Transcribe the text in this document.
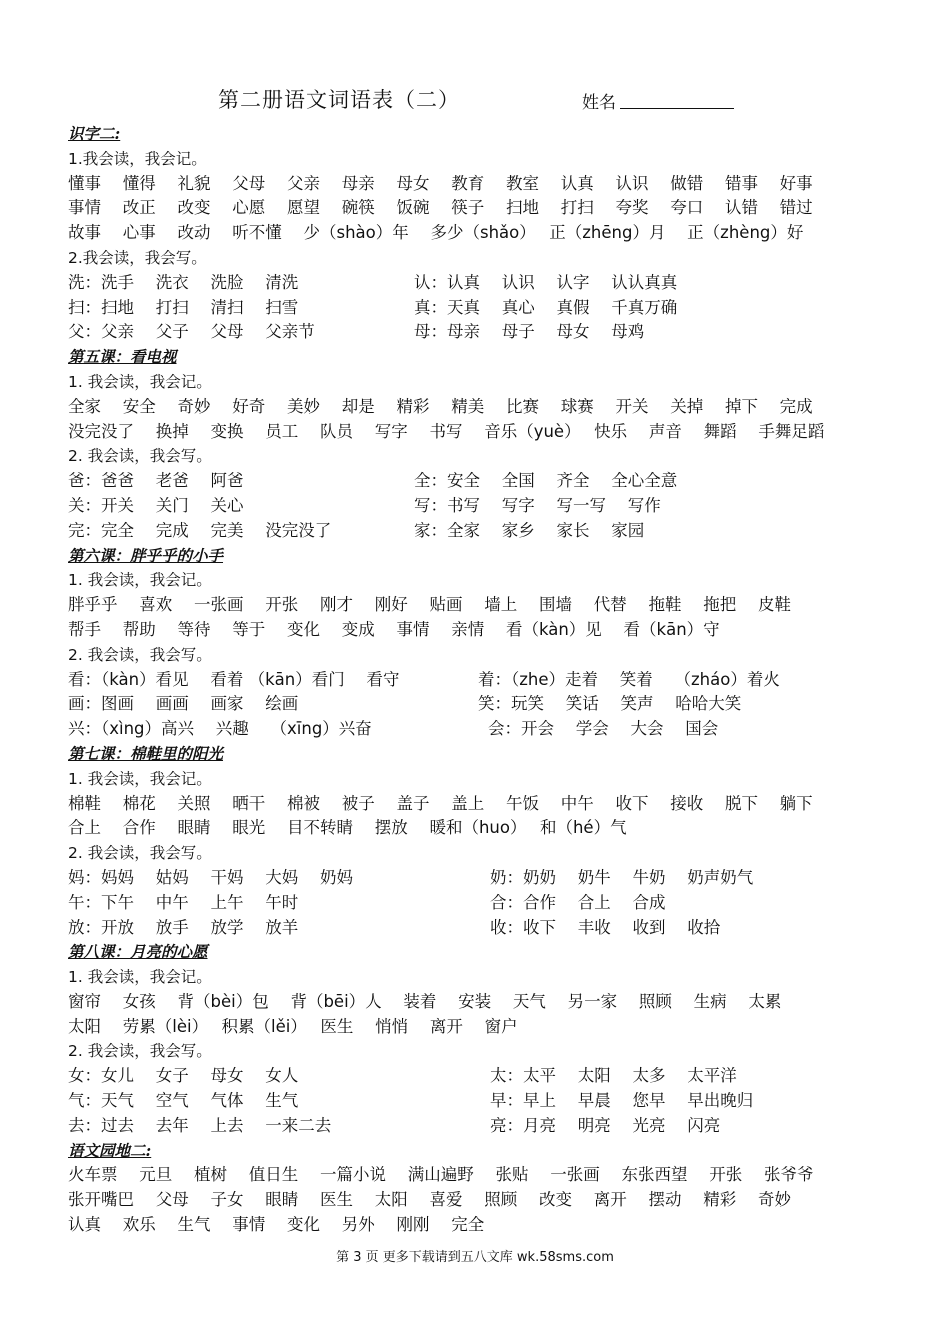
第二册语文词语表（二）	姓名
识字二:
1.我会读，我会记。
懂事　 懂得　 礼貌　 父母　 父亲　 母亲　 母女　 教育　 教室　 认真　 认识　 做错　 错事　 好事
事情　 改正　 改变　 心愿　 愿望　 碗筷　 饭碗　 筷子　 扫地　 打扫　 夸奖　 夸口　 认错　 错过
故事　 心事　 改动　 听不懂　 少（shào）年　 多少（shǎo）　 正（zhēng）月　 正（zhèng）好
2.我会读，我会写。
洗：洗手　 洗衣　 洗脸　 清洗	认：认真　 认识　 认字　 认认真真
扫：扫地　 打扫　 清扫　 扫雪	真：天真　 真心　 真假　 千真万确
父：父亲　 父子　 父母　 父亲节	母：母亲　 母子　 母女　 母鸡
第五课：看电视
1. 我会读，我会记。
全家　 安全　 奇妙　 好奇　 美妙　 却是　 精彩　 精美　 比赛　 球赛　 开关　 关掉　 掉下　 完成
没完没了　 换掉　 变换　 员工　 队员　 写字　 书写　 音乐（yuè）　 快乐　 声音　 舞蹈　 手舞足蹈
2. 我会读，我会写。
爸：爸爸　 老爸　 阿爸	全：安全　 全国　 齐全　 全心全意
关：开关　 关门　 关心	写：书写　 写字　 写一写　 写作
完：完全　 完成　 完美　 没完没了	家：全家　 家乡　 家长　 家园
第六课：胖乎乎的小手
1. 我会读，我会记。
胖乎乎　 喜欢　 一张画　 开张　 刚才　 刚好　 贴画　 墙上　 围墙　 代替　 拖鞋　 拖把　 皮鞋
帮手　 帮助　 等待　 等于　 变化　 变成　 事情　 亲情　 看（kàn）见　 看（kān）守
2. 我会读，我会写。
看：（kàn）看见　 看着 （kān）看门　 看守	着：（zhe）走着　 笑着　 （zháo）着火
画：图画　 画画　 画家　 绘画	笑：玩笑　 笑话　 笑声　 哈哈大笑
兴：（xìng）高兴　 兴趣　 （xīng）兴奋	会：开会　 学会　 大会　 国会
第七课：棉鞋里的阳光
1. 我会读，我会记。
棉鞋　 棉花　 关照　 晒干　 棉被　 被子　 盖子　 盖上　 午饭　 中午　 收下　 接收　 脱下　 躺下
合上　 合作　 眼睛　 眼光　 目不转睛　 摆放　 暖和（huo）　 和（hé）气
2. 我会读，我会写。
妈：妈妈　 姑妈　 干妈　 大妈　 奶妈	奶：奶奶　 奶牛　 牛奶　 奶声奶气
午：下午　 中午　 上午　 午时	合：合作　 合上　 合成
放：开放　 放手　 放学　 放羊	收：收下　 丰收　 收到　 收拾
第八课：月亮的心愿
1. 我会读，我会记。
窗帘　 女孩　 背（bèi）包　 背（bēi）人　 装着　 安装　 天气　 另一家　 照顾　 生病　 太累
太阳　 劳累（lèi）　 积累（lěi）　 医生　 悄悄　 离开　 窗户
2. 我会读，我会写。
女：女儿　 女子　 母女　 女人	太：太平　 太阳　 太多　 太平洋
气：天气　 空气　 气体　 生气	早：早上　 早晨　 您早　 早出晚归
去：过去　 去年　 上去　 一来二去	亮：月亮　 明亮　 光亮　 闪亮
语文园地二:
火车票　 元旦　 植树　 值日生　 一篇小说　 满山遍野　 张贴　 一张画　 东张西望　 开张　 张爷爷
张开嘴巴　 父母　 子女　 眼睛　 医生　 太阳　 喜爱　 照顾　 改变　 离开　 摆动　 精彩　 奇妙
认真　 欢乐　 生气　 事情　 变化　 另外　 刚刚　 完全
第 3 页 更多下载请到五八文库 wk.58sms.com
